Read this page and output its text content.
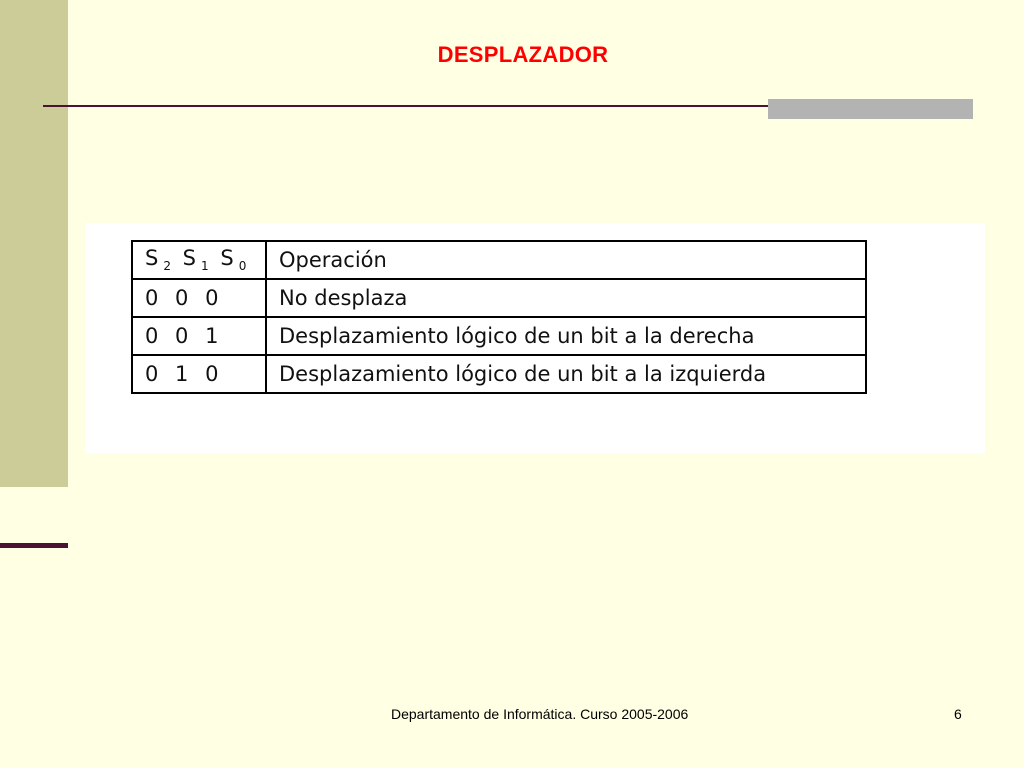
DESPLAZADOR
$S_2$ $S_1$ $S_0$	Operación
0 0 0	No desplaza
0 0 1	Desplazamiento lógico de un bit a la derecha
0 1 0	Desplazamiento lógico de un bit a la izquierda
Departamento de Informática. Curso 2005-2006	6
